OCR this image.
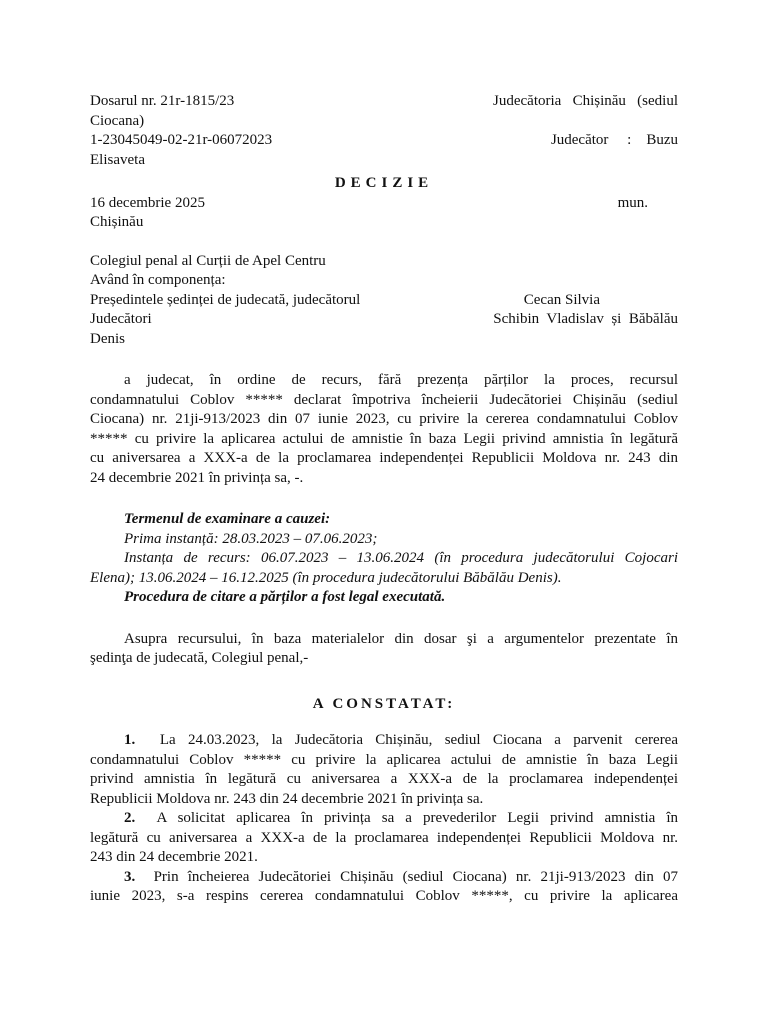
Dosarul nr. 21r-1815/23	Judecătoria   Chișinău   (sediul
Ciocana)
1-23045049-02-21r-06072023	Judecător     :    Buzu
Elisaveta
DECIZIE
16 decembrie 2025	mun.
Chișinău
Colegiul penal al Curții de Apel Centru
Având în componența:
Președintele ședinței de judecată, judecătorul	Cecan Silvia
Judecători	Schibin  Vladislav  și  Băbălău
Denis
a judecat, în ordine de recurs, fără prezența părților la proces, recursul
condamnatului Coblov ***** declarat împotriva încheierii Judecătoriei Chișinău (sediul
Ciocana) nr. 21ji-913/2023 din 07 iunie 2023, cu privire la cererea condamnatului Coblov
***** cu privire la aplicarea actului de amnistie în baza Legii privind amnistia în legătură
cu aniversarea a XXX-a de la proclamarea independenței Republicii Moldova nr. 243 din
24 decembrie 2021 în privința sa, -.
Termenul de examinare a cauzei:
Prima instanță: 28.03.2023 – 07.06.2023;
Instanța de recurs: 06.07.2023 – 13.06.2024 (în procedura judecătorului Cojocari
Elena); 13.06.2024 – 16.12.2025 (în procedura judecătorului Băbălău Denis).
Procedura de citare a părților a fost legal executată.
Asupra recursului, în baza materialelor din dosar şi a argumentelor prezentate în
şedinţa de judecată, Colegiul penal,-
A CONSTATAT:
1. La 24.03.2023, la Judecătoria Chișinău, sediul Ciocana a parvenit cererea
condamnatului Coblov ***** cu privire la aplicarea actului de amnistie în baza Legii
privind amnistia în legătură cu aniversarea a XXX-a de la proclamarea independenței
Republicii Moldova nr. 243 din 24 decembrie 2021 în privința sa.
2. A solicitat aplicarea în privința sa a prevederilor Legii privind amnistia în
legătură cu aniversarea a XXX-a de la proclamarea independenței Republicii Moldova nr.
243 din 24 decembrie 2021.
3. Prin încheierea Judecătoriei Chișinău (sediul Ciocana) nr. 21ji-913/2023 din 07
iunie 2023, s-a respins cererea condamnatului Coblov *****, cu privire la aplicarea
